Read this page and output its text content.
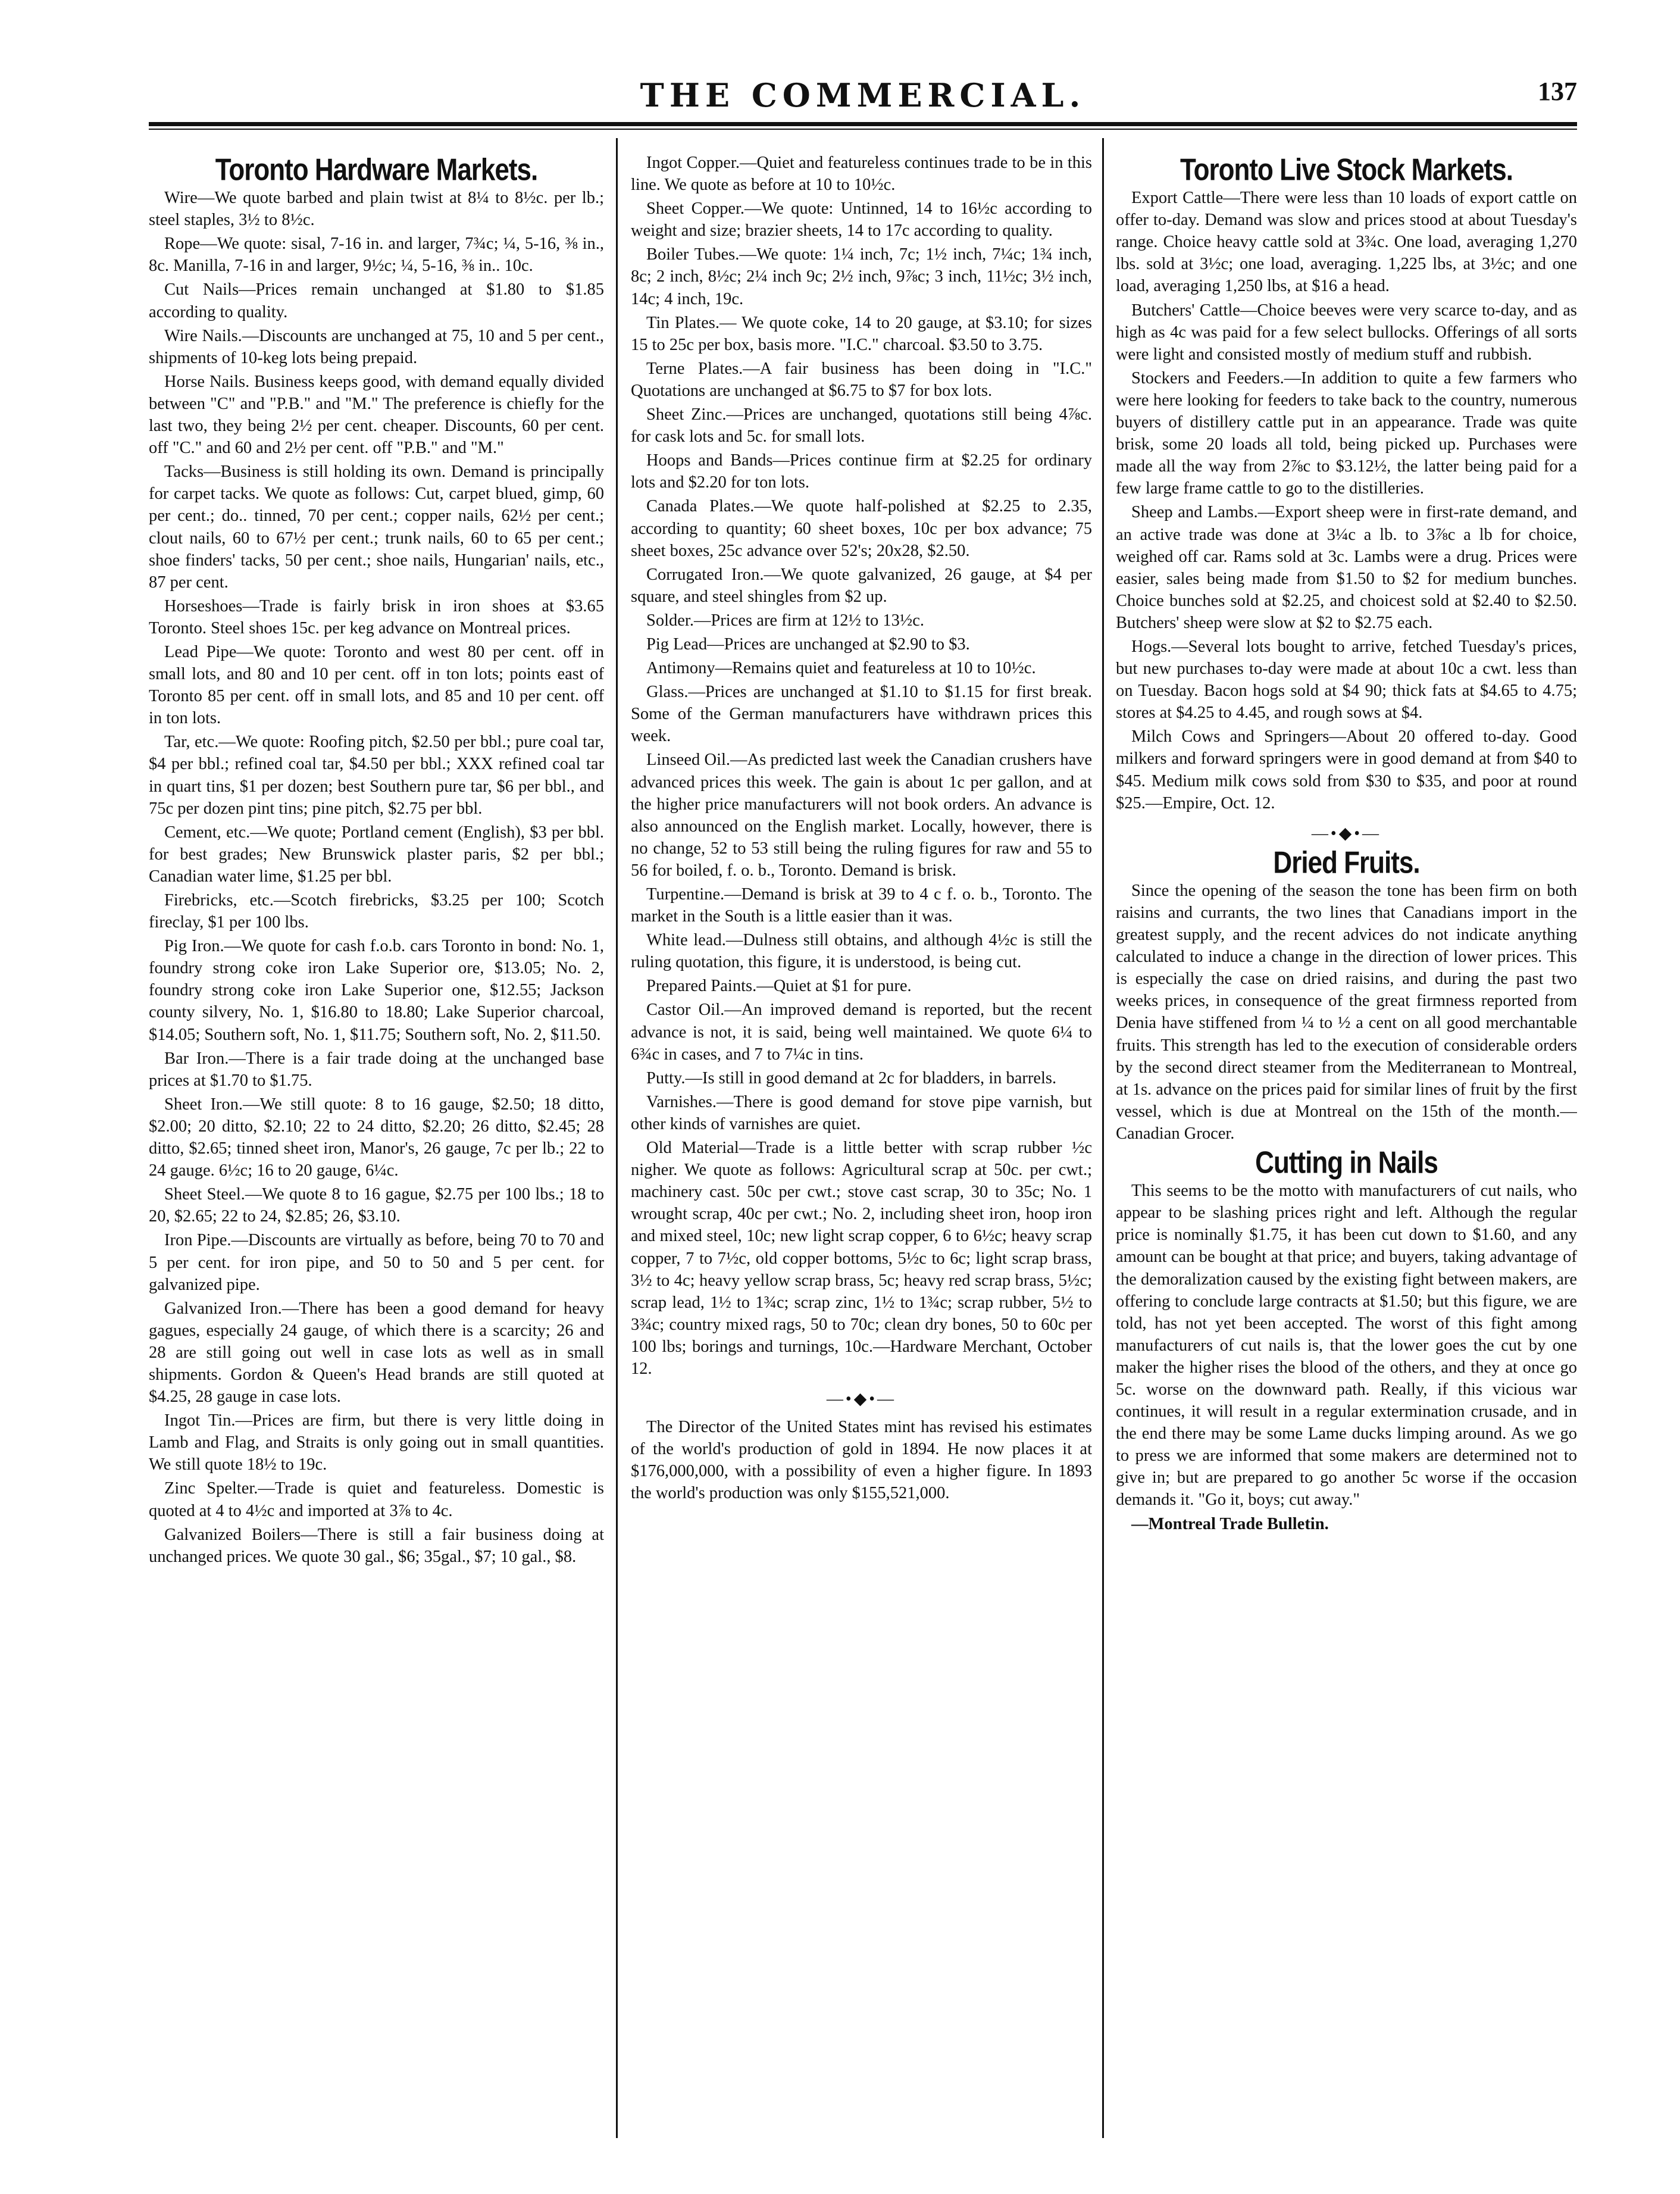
THE COMMERCIAL.	137
Toronto Hardware Markets.

Wire—We quote barbed and plain twist at 8¼ to 8½c. per lb.; steel staples, 3½ to 8½c.

Rope—We quote: sisal, 7-16 in. and larger, 7¾c; ¼, 5-16, ⅜ in., 8c. Manilla, 7-16 in and larger, 9½c; ¼, 5-16, ⅜ in.. 10c.

Cut Nails—Prices remain unchanged at $1.80 to $1.85 according to quality.

Wire Nails.—Discounts are unchanged at 75, 10 and 5 per cent., shipments of 10-keg lots being prepaid.

Horse Nails. Business keeps good, with demand equally divided between "C" and "P.B." and "M." The preference is chiefly for the last two, they being 2½ per cent. cheaper. Discounts, 60 per cent. off "C." and 60 and 2½ per cent. off "P.B." and "M."

Tacks—Business is still holding its own. Demand is principally for carpet tacks. We quote as follows: Cut, carpet blued, gimp, 60 per cent.; do.. tinned, 70 per cent.; copper nails, 62½ per cent.; clout nails, 60 to 67½ per cent.; trunk nails, 60 to 65 per cent.; shoe finders' tacks, 50 per cent.; shoe nails, Hungarian' nails, etc., 87 per cent.

Horseshoes—Trade is fairly brisk in iron shoes at $3.65 Toronto. Steel shoes 15c. per keg advance on Montreal prices.

Lead Pipe—We quote: Toronto and west 80 per cent. off in small lots, and 80 and 10 per cent. off in ton lots; points east of Toronto 85 per cent. off in small lots, and 85 and 10 per cent. off in ton lots.

Tar, etc.—We quote: Roofing pitch, $2.50 per bbl.; pure coal tar, $4 per bbl.; refined coal tar, $4.50 per bbl.; XXX refined coal tar in quart tins, $1 per dozen; best Southern pure tar, $6 per bbl., and 75c per dozen pint tins; pine pitch, $2.75 per bbl.

Cement, etc.—We quote; Portland cement (English), $3 per bbl. for best grades; New Brunswick plaster paris, $2 per bbl.; Canadian water lime, $1.25 per bbl.

Firebricks, etc.—Scotch firebricks, $3.25 per 100; Scotch fireclay, $1 per 100 lbs.

Pig Iron.—We quote for cash f.o.b. cars Toronto in bond: No. 1, foundry strong coke iron Lake Superior ore, $13.05; No. 2, foundry strong coke iron Lake Superior one, $12.55; Jackson county silvery, No. 1, $16.80 to 18.80; Lake Superior charcoal, $14.05; Southern soft, No. 1, $11.75; Southern soft, No. 2, $11.50.

Bar Iron.—There is a fair trade doing at the unchanged base prices at $1.70 to $1.75.

Sheet Iron.—We still quote: 8 to 16 gauge, $2.50; 18 ditto, $2.00; 20 ditto, $2.10; 22 to 24 ditto, $2.20; 26 ditto, $2.45; 28 ditto, $2.65; tinned sheet iron, Manor's, 26 gauge, 7c per lb.; 22 to 24 gauge. 6½c; 16 to 20 gauge, 6¼c.

Sheet Steel.—We quote 8 to 16 gague, $2.75 per 100 lbs.; 18 to 20, $2.65; 22 to 24, $2.85; 26, $3.10.

Iron Pipe.—Discounts are virtually as before, being 70 to 70 and 5 per cent. for iron pipe, and 50 to 50 and 5 per cent. for galvanized pipe.

Galvanized Iron.—There has been a good demand for heavy gagues, especially 24 gauge, of which there is a scarcity; 26 and 28 are still going out well in case lots as well as in small shipments. Gordon & Queen's Head brands are still quoted at $4.25, 28 gauge in case lots.

Ingot Tin.—Prices are firm, but there is very little doing in Lamb and Flag, and Straits is only going out in small quantities. We still quote 18½ to 19c.

Zinc Spelter.—Trade is quiet and featureless. Domestic is quoted at 4 to 4½c and imported at 3⅞ to 4c.

Galvanized Boilers—There is still a fair business doing at unchanged prices. We quote 30 gal., $6; 35gal., $7; 10 gal., $8.

Ingot Copper.—Quiet and featureless continues trade to be in this line. We quote as before at 10 to 10½c.

Sheet Copper.—We quote: Untinned, 14 to 16½c according to weight and size; brazier sheets, 14 to 17c according to quality.

Boiler Tubes.—We quote: 1¼ inch, 7c; 1½ inch, 7¼c; 1¾ inch, 8c; 2 inch, 8½c; 2¼ inch 9c; 2½ inch, 9⅞c; 3 inch, 11½c; 3½ inch, 14c; 4 inch, 19c.

Tin Plates.— We quote coke, 14 to 20 gauge, at $3.10; for sizes 15 to 25c per box, basis more. "I.C." charcoal. $3.50 to 3.75.

Terne Plates.—A fair business has been doing in "I.C." Quotations are unchanged at $6.75 to $7 for box lots.

Sheet Zinc.—Prices are unchanged, quotations still being 4⅞c. for cask lots and 5c. for small lots.

Hoops and Bands—Prices continue firm at $2.25 for ordinary lots and $2.20 for ton lots.

Canada Plates.—We quote half-polished at $2.25 to 2.35, according to quantity; 60 sheet boxes, 10c per box advance; 75 sheet boxes, 25c advance over 52's; 20x28, $2.50.

Corrugated Iron.—We quote galvanized, 26 gauge, at $4 per square, and steel shingles from $2 up.

Solder.—Prices are firm at 12½ to 13½c.

Pig Lead—Prices are unchanged at $2.90 to $3.

Antimony—Remains quiet and featureless at 10 to 10½c.

Glass.—Prices are unchanged at $1.10 to $1.15 for first break. Some of the German manufacturers have withdrawn prices this week.

Linseed Oil.—As predicted last week the Canadian crushers have advanced prices this week. The gain is about 1c per gallon, and at the higher price manufacturers will not book orders. An advance is also announced on the English market. Locally, however, there is no change, 52 to 53 still being the ruling figures for raw and 55 to 56 for boiled, f. o. b., Toronto. Demand is brisk.

Turpentine.—Demand is brisk at 39 to 4 c f. o. b., Toronto. The market in the South is a little easier than it was.

White lead.—Dulness still obtains, and although 4½c is still the ruling quotation, this figure, it is understood, is being cut.

Prepared Paints.—Quiet at $1 for pure.

Castor Oil.—An improved demand is reported, but the recent advance is not, it is said, being well maintained. We quote 6¼ to 6¾c in cases, and 7 to 7¼c in tins.

Putty.—Is still in good demand at 2c for bladders, in barrels.

Varnishes.—There is good demand for stove pipe varnish, but other kinds of varnishes are quiet.

Old Material—Trade is a little better with scrap rubber ½c nigher. We quote as follows: Agricultural scrap at 50c. per cwt.; machinery cast. 50c per cwt.; stove cast scrap, 30 to 35c; No. 1 wrought scrap, 40c per cwt.; No. 2, including sheet iron, hoop iron and mixed steel, 10c; new light scrap copper, 6 to 6½c; heavy scrap copper, 7 to 7½c, old copper bottoms, 5½c to 6c; light scrap brass, 3½ to 4c; heavy yellow scrap brass, 5c; heavy red scrap brass, 5½c; scrap lead, 1½ to 1¾c; scrap zinc, 1½ to 1¾c; scrap rubber, 5½ to 3¾c; country mixed rags, 50 to 70c; clean dry bones, 50 to 60c per 100 lbs; borings and turnings, 10c.—Hardware Merchant, October 12.

—•◆•—

The Director of the United States mint has revised his estimates of the world's production of gold in 1894. He now places it at $176,000,000, with a possibility of even a higher figure. In 1893 the world's production was only $155,521,000.

Toronto Live Stock Markets.

Export Cattle—There were less than 10 loads of export cattle on offer to-day. Demand was slow and prices stood at about Tuesday's range. Choice heavy cattle sold at 3¾c. One load, averaging 1,270 lbs. sold at 3½c; one load, averaging. 1,225 lbs, at 3½c; and one load, averaging 1,250 lbs, at $16 a head.

Butchers' Cattle—Choice beeves were very scarce to-day, and as high as 4c was paid for a few select bullocks. Offerings of all sorts were light and consisted mostly of medium stuff and rubbish.

Stockers and Feeders.—In addition to quite a few farmers who were here looking for feeders to take back to the country, numerous buyers of distillery cattle put in an appearance. Trade was quite brisk, some 20 loads all told, being picked up. Purchases were made all the way from 2⅞c to $3.12½, the latter being paid for a few large frame cattle to go to the distilleries.

Sheep and Lambs.—Export sheep were in first-rate demand, and an active trade was done at 3¼c a lb. to 3⅞c a lb for choice, weighed off car. Rams sold at 3c. Lambs were a drug. Prices were easier, sales being made from $1.50 to $2 for medium bunches. Choice bunches sold at $2.25, and choicest sold at $2.40 to $2.50. Butchers' sheep were slow at $2 to $2.75 each.

Hogs.—Several lots bought to arrive, fetched Tuesday's prices, but new purchases to-day were made at about 10c a cwt. less than on Tuesday. Bacon hogs sold at $4 90; thick fats at $4.65 to 4.75; stores at $4.25 to 4.45, and rough sows at $4.

Milch Cows and Springers—About 20 offered to-day. Good milkers and forward springers were in good demand at from $40 to $45. Medium milk cows sold from $30 to $35, and poor at round $25.—Empire, Oct. 12.

—•◆•—
Dried Fruits.

Since the opening of the season the tone has been firm on both raisins and currants, the two lines that Canadians import in the greatest supply, and the recent advices do not indicate anything calculated to induce a change in the direction of lower prices. This is especially the case on dried raisins, and during the past two weeks prices, in consequence of the great firmness reported from Denia have stiffened from ¼ to ½ a cent on all good merchantable fruits. This strength has led to the execution of considerable orders by the second direct steamer from the Mediterranean to Montreal, at 1s. advance on the prices paid for similar lines of fruit by the first vessel, which is due at Montreal on the 15th of the month.—Canadian Grocer.

Cutting in Nails

This seems to be the motto with manufacturers of cut nails, who appear to be slashing prices right and left. Although the regular price is nominally $1.75, it has been cut down to $1.60, and any amount can be bought at that price; and buyers, taking advantage of the demoralization caused by the existing fight between makers, are offering to conclude large contracts at $1.50; but this figure, we are told, has not yet been accepted. The worst of this fight among manufacturers of cut nails is, that the lower goes the cut by one maker the higher rises the blood of the others, and they at once go 5c. worse on the downward path. Really, if this vicious war continues, it will result in a regular extermination crusade, and in the end there may be some Lame ducks limping around. As we go to press we are informed that some makers are determined not to give in; but are prepared to go another 5c worse if the occasion demands it. "Go it, boys; cut away."

—Montreal Trade Bulletin.
